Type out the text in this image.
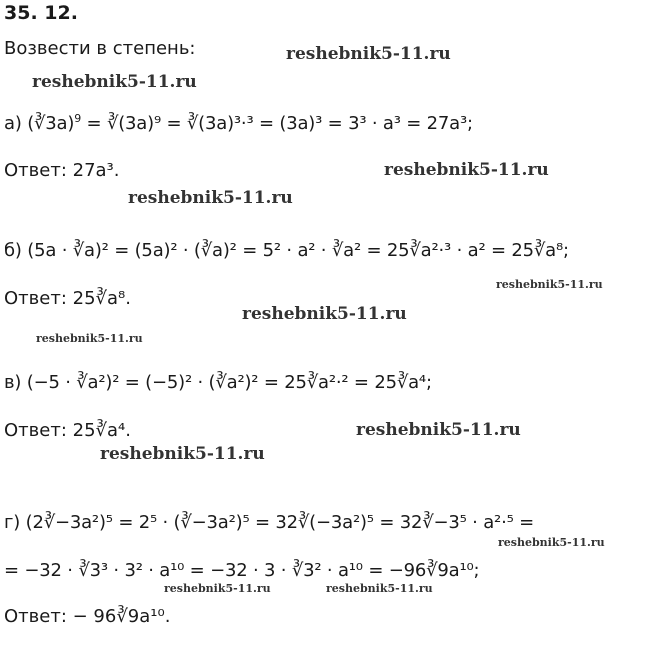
35. 12.
Возвести в степень:	reshebnik5-11.ru
reshebnik5-11.ru
reshebnik5-11.ru
reshebnik5-11.ru
reshebnik5-11.ru
reshebnik5-11.ru
reshebnik5-11.ru
reshebnik5-11.ru
reshebnik5-11.ru
reshebnik5-11.ru
reshebnik5-11.ru	reshebnik5-11.ru
а) (∛3a)$^9$ = ∛(3a)⁹ = ∛(3a)³·³ = (3a)³ = 3³ · a³ = 27a³;
Ответ: 27a³.
б) (5a · ∛a)² = (5a)² · (∛a)² = 5² · a² · ∛a² = 25∛a²·³ · a² = 25∛a⁸;
Ответ: 25∛a⁸.
в) (−5 · ∛a²)² = (−5)² · (∛a²)² = 25∛a²·² = 25∛a⁴;
Ответ: 25∛a⁴.
г) (2∛−3a²)⁵ = 2⁵ · (∛−3a²)⁵ = 32∛(−3a²)⁵ = 32∛−3⁵ · a²·⁵ =
= −32 · ∛3³ · 3² · a¹⁰ = −32 · 3 · ∛3² · a¹⁰ = −96∛9a¹⁰;
Ответ: − 96∛9a¹⁰.
